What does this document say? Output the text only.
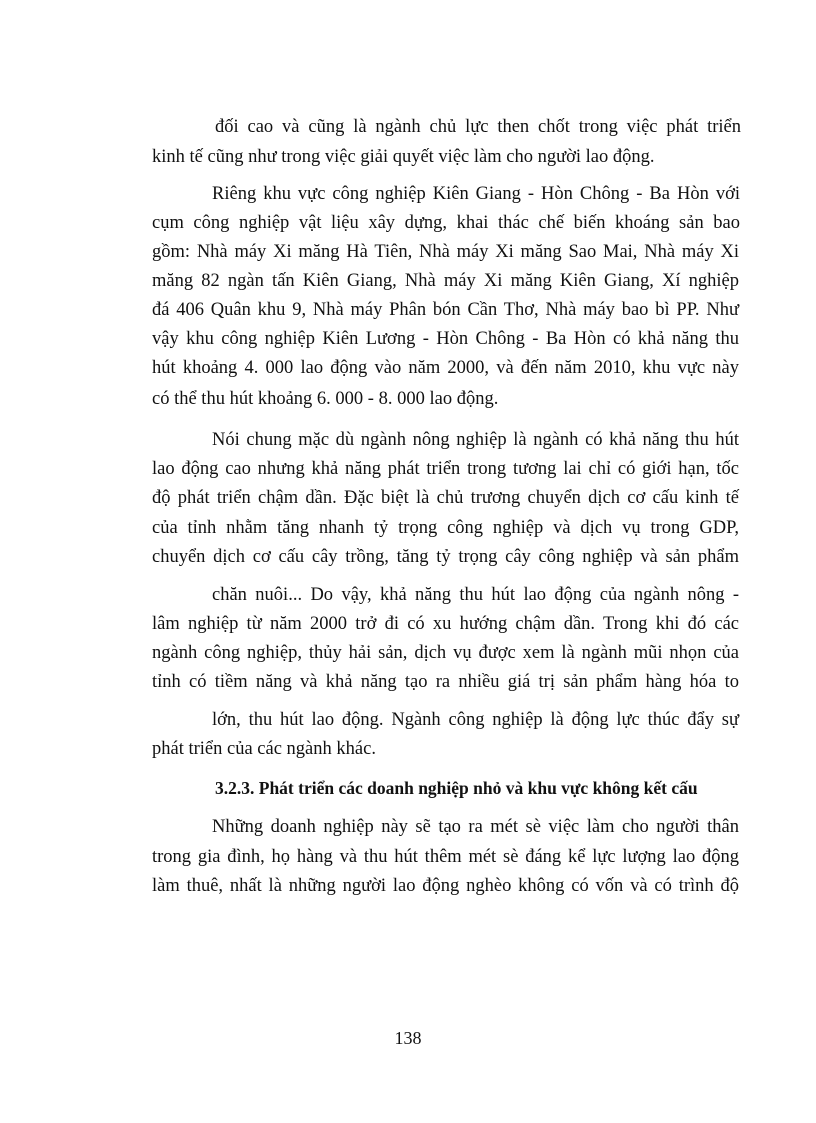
đối cao và cũng là ngành chủ lực then chốt trong việc phát triển

kinh tế cũng như trong việc giải quyết việc làm cho người lao động.

Riêng khu vực công nghiệp Kiên Giang - Hòn Chông - Ba Hòn với

cụm công nghiệp vật liệu xây dựng, khai thác chế biến khoáng sản bao

gồm: Nhà máy Xi măng Hà Tiên, Nhà máy Xi măng Sao Mai, Nhà máy Xi

măng 82 ngàn tấn Kiên Giang, Nhà máy Xi măng Kiên Giang, Xí nghiệp

đá 406 Quân khu 9, Nhà máy Phân bón Cần Thơ, Nhà máy bao bì PP. Như

vậy khu công nghiệp Kiên Lương - Hòn Chông - Ba Hòn có khả năng thu

hút khoảng 4. 000 lao động vào năm 2000, và đến năm 2010, khu vực này

có thể thu hút khoảng 6. 000 - 8. 000 lao động.

Nói chung mặc dù ngành nông nghiệp là ngành có khả năng thu hút

lao động cao nhưng khả năng phát triển trong tương lai chỉ có giới hạn, tốc

độ phát triển chậm dần. Đặc biệt là chủ trương chuyển dịch cơ cấu kinh tế

của tỉnh nhằm tăng nhanh tỷ trọng công nghiệp và dịch vụ trong GDP,

chuyển dịch cơ cấu cây trồng, tăng tỷ trọng cây công nghiệp và sản phẩm

chăn nuôi... Do vậy, khả năng thu hút lao động của ngành nông -

lâm nghiệp từ năm 2000 trở đi có xu hướng chậm dần. Trong khi đó các

ngành công nghiệp, thủy hải sản, dịch vụ được xem là ngành mũi nhọn của

tỉnh có tiềm năng và khả năng tạo ra nhiều giá trị sản phẩm hàng hóa to

lớn, thu hút lao động. Ngành công nghiệp là động lực thúc đẩy sự

phát triển của các ngành khác.

3.2.3. Phát triển các doanh nghiệp nhỏ và khu vực không kết cấu

Những doanh nghiệp này sẽ tạo ra mét sè việc làm cho người thân

trong gia đình, họ hàng và thu hút thêm mét sè đáng kể lực lượng lao động

làm thuê, nhất là những người lao động nghèo không có vốn và có trình độ

138
